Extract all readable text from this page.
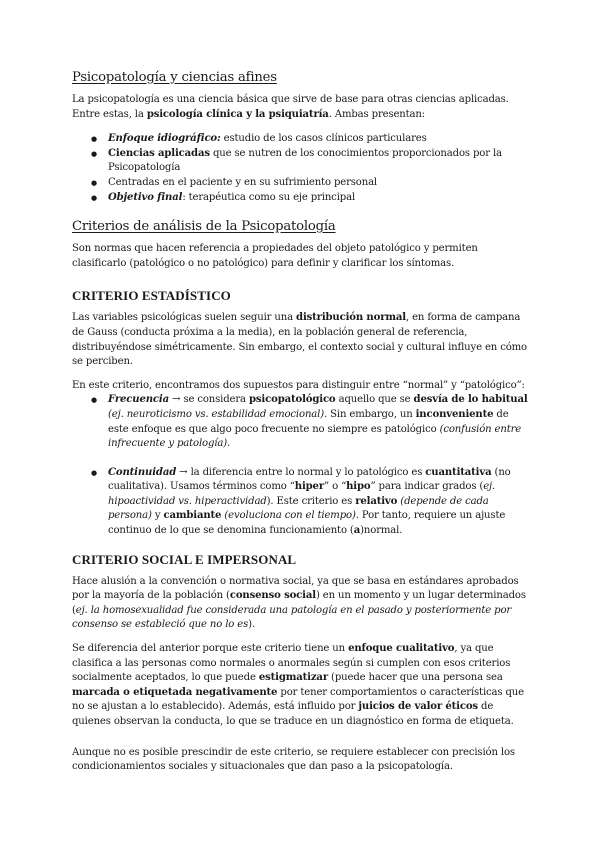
Psicopatología y ciencias afines

La psicopatología es una ciencia básica que sirve de base para otras ciencias aplicadas. Entre estas, la psicología clínica y la psiquiatría. Ambas presentan:

● Enfoque idiográfico: estudio de los casos clínicos particulares
● Ciencias aplicadas que se nutren de los conocimientos proporcionados por la Psicopatología
● Centradas en el paciente y en su sufrimiento personal
● Objetivo final: terapéutica como su eje principal
Criterios de análisis de la Psicopatología

Son normas que hacen referencia a propiedades del objeto patológico y permiten clasificarlo (patológico o no patológico) para definir y clarificar los síntomas.

CRITERIO ESTADÍSTICO

Las variables psicológicas suelen seguir una distribución normal, en forma de campana de Gauss (conducta próxima a la media), en la población general de referencia, distribuyéndose simétricamente. Sin embargo, el contexto social y cultural influye en cómo se perciben.

En este criterio, encontramos dos supuestos para distinguir entre “normal” y “patológico”:

● Frecuencia → se considera psicopatológico aquello que se desvía de lo habitual (ej. neuroticismo vs. estabilidad emocional). Sin embargo, un inconveniente de este enfoque es que algo poco frecuente no siempre es patológico (confusión entre infrecuente y patología).
● Continuidad → la diferencia entre lo normal y lo patológico es cuantitativa (no cualitativa). Usamos términos como “hiper” o “hipo” para indicar grados (ej. hipoactividad vs. hiperactividad). Este criterio es relativo (depende de cada persona) y cambiante (evoluciona con el tiempo). Por tanto, requiere un ajuste continuo de lo que se denomina funcionamiento (a)normal.
CRITERIO SOCIAL E IMPERSONAL

Hace alusión a la convención o normativa social, ya que se basa en estándares aprobados por la mayoría de la población (consenso social) en un momento y un lugar determinados (ej. la homosexualidad fue considerada una patología en el pasado y posteriormente por consenso se estableció que no lo es).

Se diferencia del anterior porque este criterio tiene un enfoque cualitativo, ya que clasifica a las personas como normales o anormales según si cumplen con esos criterios socialmente aceptados, lo que puede estigmatizar (puede hacer que una persona sea marcada o etiquetada negativamente por tener comportamientos o características que no se ajustan a lo establecido). Además, está influido por juicios de valor éticos de quienes observan la conducta, lo que se traduce en un diagnóstico en forma de etiqueta.

Aunque no es posible prescindir de este criterio, se requiere establecer con precisión los condicionamientos sociales y situacionales que dan paso a la psicopatología.
